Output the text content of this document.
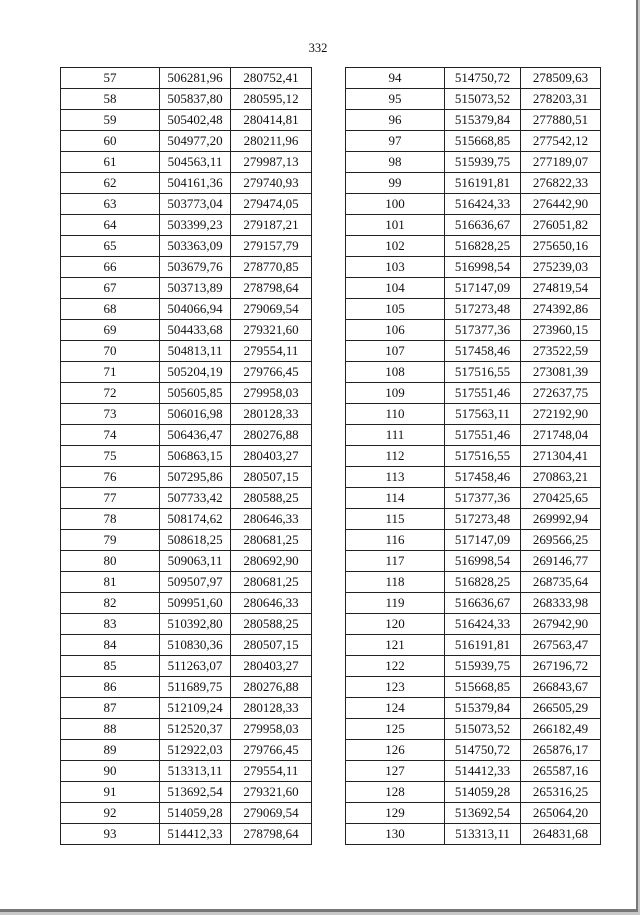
332
57	506281,96	280752,41
58	505837,80	280595,12
59	505402,48	280414,81
60	504977,20	280211,96
61	504563,11	279987,13
62	504161,36	279740,93
63	503773,04	279474,05
64	503399,23	279187,21
65	503363,09	279157,79
66	503679,76	278770,85
67	503713,89	278798,64
68	504066,94	279069,54
69	504433,68	279321,60
70	504813,11	279554,11
71	505204,19	279766,45
72	505605,85	279958,03
73	506016,98	280128,33
74	506436,47	280276,88
75	506863,15	280403,27
76	507295,86	280507,15
77	507733,42	280588,25
78	508174,62	280646,33
79	508618,25	280681,25
80	509063,11	280692,90
81	509507,97	280681,25
82	509951,60	280646,33
83	510392,80	280588,25
84	510830,36	280507,15
85	511263,07	280403,27
86	511689,75	280276,88
87	512109,24	280128,33
88	512520,37	279958,03
89	512922,03	279766,45
90	513313,11	279554,11
91	513692,54	279321,60
92	514059,28	279069,54
93	514412,33	278798,64
94	514750,72	278509,63
95	515073,52	278203,31
96	515379,84	277880,51
97	515668,85	277542,12
98	515939,75	277189,07
99	516191,81	276822,33
100	516424,33	276442,90
101	516636,67	276051,82
102	516828,25	275650,16
103	516998,54	275239,03
104	517147,09	274819,54
105	517273,48	274392,86
106	517377,36	273960,15
107	517458,46	273522,59
108	517516,55	273081,39
109	517551,46	272637,75
110	517563,11	272192,90
111	517551,46	271748,04
112	517516,55	271304,41
113	517458,46	270863,21
114	517377,36	270425,65
115	517273,48	269992,94
116	517147,09	269566,25
117	516998,54	269146,77
118	516828,25	268735,64
119	516636,67	268333,98
120	516424,33	267942,90
121	516191,81	267563,47
122	515939,75	267196,72
123	515668,85	266843,67
124	515379,84	266505,29
125	515073,52	266182,49
126	514750,72	265876,17
127	514412,33	265587,16
128	514059,28	265316,25
129	513692,54	265064,20
130	513313,11	264831,68
